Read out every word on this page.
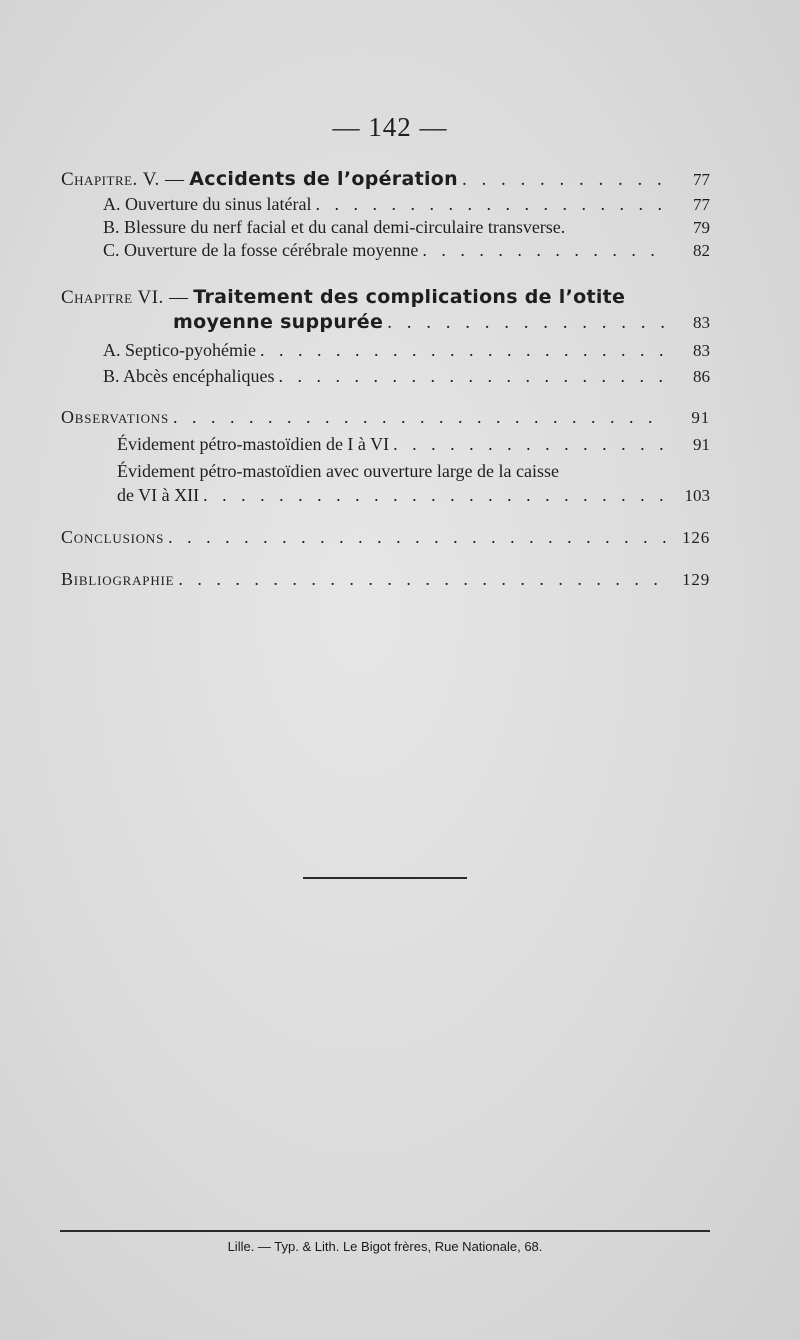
— 142 —
Chapitre. V. — Accidents de l’opération . . .	77
A. Ouverture du sinus latéral . . .	77
B. Blessure du nerf facial et du canal demi-circulaire transverse.	79
C. Ouverture de la fosse cérébrale moyenne . . .	82
Chapitre VI. — Traitement des complications de l’otite
moyenne suppurée . . .	83
A. Septico-pyohémie . . .	83
B. Abcès encéphaliques . . .	86
Observations . . .	91
Évidement pétro-mastoïdien de I à VI . . .	91
Évidement pétro-mastoïdien avec ouverture large de la caisse
de VI à XII . . .	103
Conclusions . . .	126
Bibliographie . . .	129
Lille. — Typ. & Lith. Le Bigot frères, Rue Nationale, 68.
